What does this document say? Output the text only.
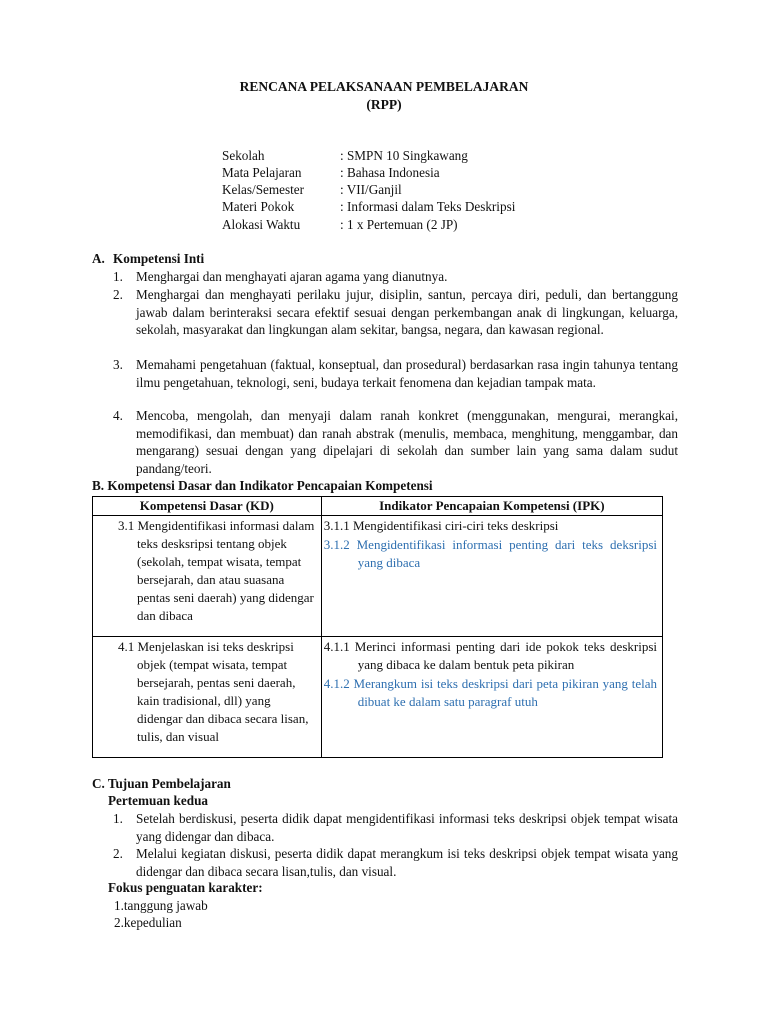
RENCANA PELAKSANAAN PEMBELAJARAN
(RPP)
Sekolah	: SMPN 10 Singkawang
Mata Pelajaran	: Bahasa Indonesia
Kelas/Semester	: VII/Ganjil
Materi Pokok	: Informasi dalam Teks Deskripsi
Alokasi Waktu	: 1 x Pertemuan (2 JP)
A. Kompetensi Inti
1. Menghargai dan menghayati ajaran agama yang dianutnya.
2. Menghargai dan menghayati perilaku jujur, disiplin, santun, percaya diri, peduli, dan bertanggung jawab dalam berinteraksi secara efektif sesuai dengan perkembangan anak di lingkungan, keluarga, sekolah, masyarakat dan lingkungan alam sekitar, bangsa, negara, dan kawasan regional.
3. Memahami pengetahuan (faktual, konseptual, dan prosedural) berdasarkan rasa ingin tahunya tentang ilmu pengetahuan, teknologi, seni, budaya terkait fenomena dan kejadian tampak mata.
4. Mencoba, mengolah, dan menyaji dalam ranah konkret (menggunakan, mengurai, merangkai, memodifikasi, dan membuat) dan ranah abstrak (menulis, membaca, menghitung, menggambar, dan mengarang) sesuai dengan yang dipelajari di sekolah dan sumber lain yang sama dalam sudut pandang/teori.
B. Kompetensi Dasar dan Indikator Pencapaian Kompetensi
Kompetensi Dasar (KD)	Indikator Pencapaian Kompetensi (IPK)

3.1 Mengidentifikasi informasi dalam teks desksripsi tentang objek (sekolah, tempat wisata, tempat bersejarah, dan atau suasana pentas seni daerah) yang didengar dan dibaca	3.1.1 Mengidentifikasi ciri-ciri teks deskripsi
3.1.2 Mengidentifikasi informasi penting dari teks deksripsi yang dibaca

4.1 Menjelaskan isi teks deskripsi objek (tempat wisata, tempat bersejarah, pentas seni daerah, kain tradisional, dll) yang didengar dan dibaca secara lisan, tulis, dan visual	4.1.1 Merinci informasi penting dari ide pokok teks deskripsi yang dibaca ke dalam bentuk peta pikiran
4.1.2 Merangkum isi teks deskripsi dari peta pikiran yang telah dibuat ke dalam satu paragraf utuh
C. Tujuan Pembelajaran
Pertemuan kedua
1. Setelah berdiskusi, peserta didik dapat mengidentifikasi informasi teks deskripsi objek tempat wisata yang didengar dan dibaca.
2. Melalui kegiatan diskusi, peserta didik dapat merangkum isi teks deskripsi objek tempat wisata yang didengar dan dibaca secara lisan,tulis, dan visual.
Fokus penguatan karakter:
1.tanggung jawab
2.kepedulian
